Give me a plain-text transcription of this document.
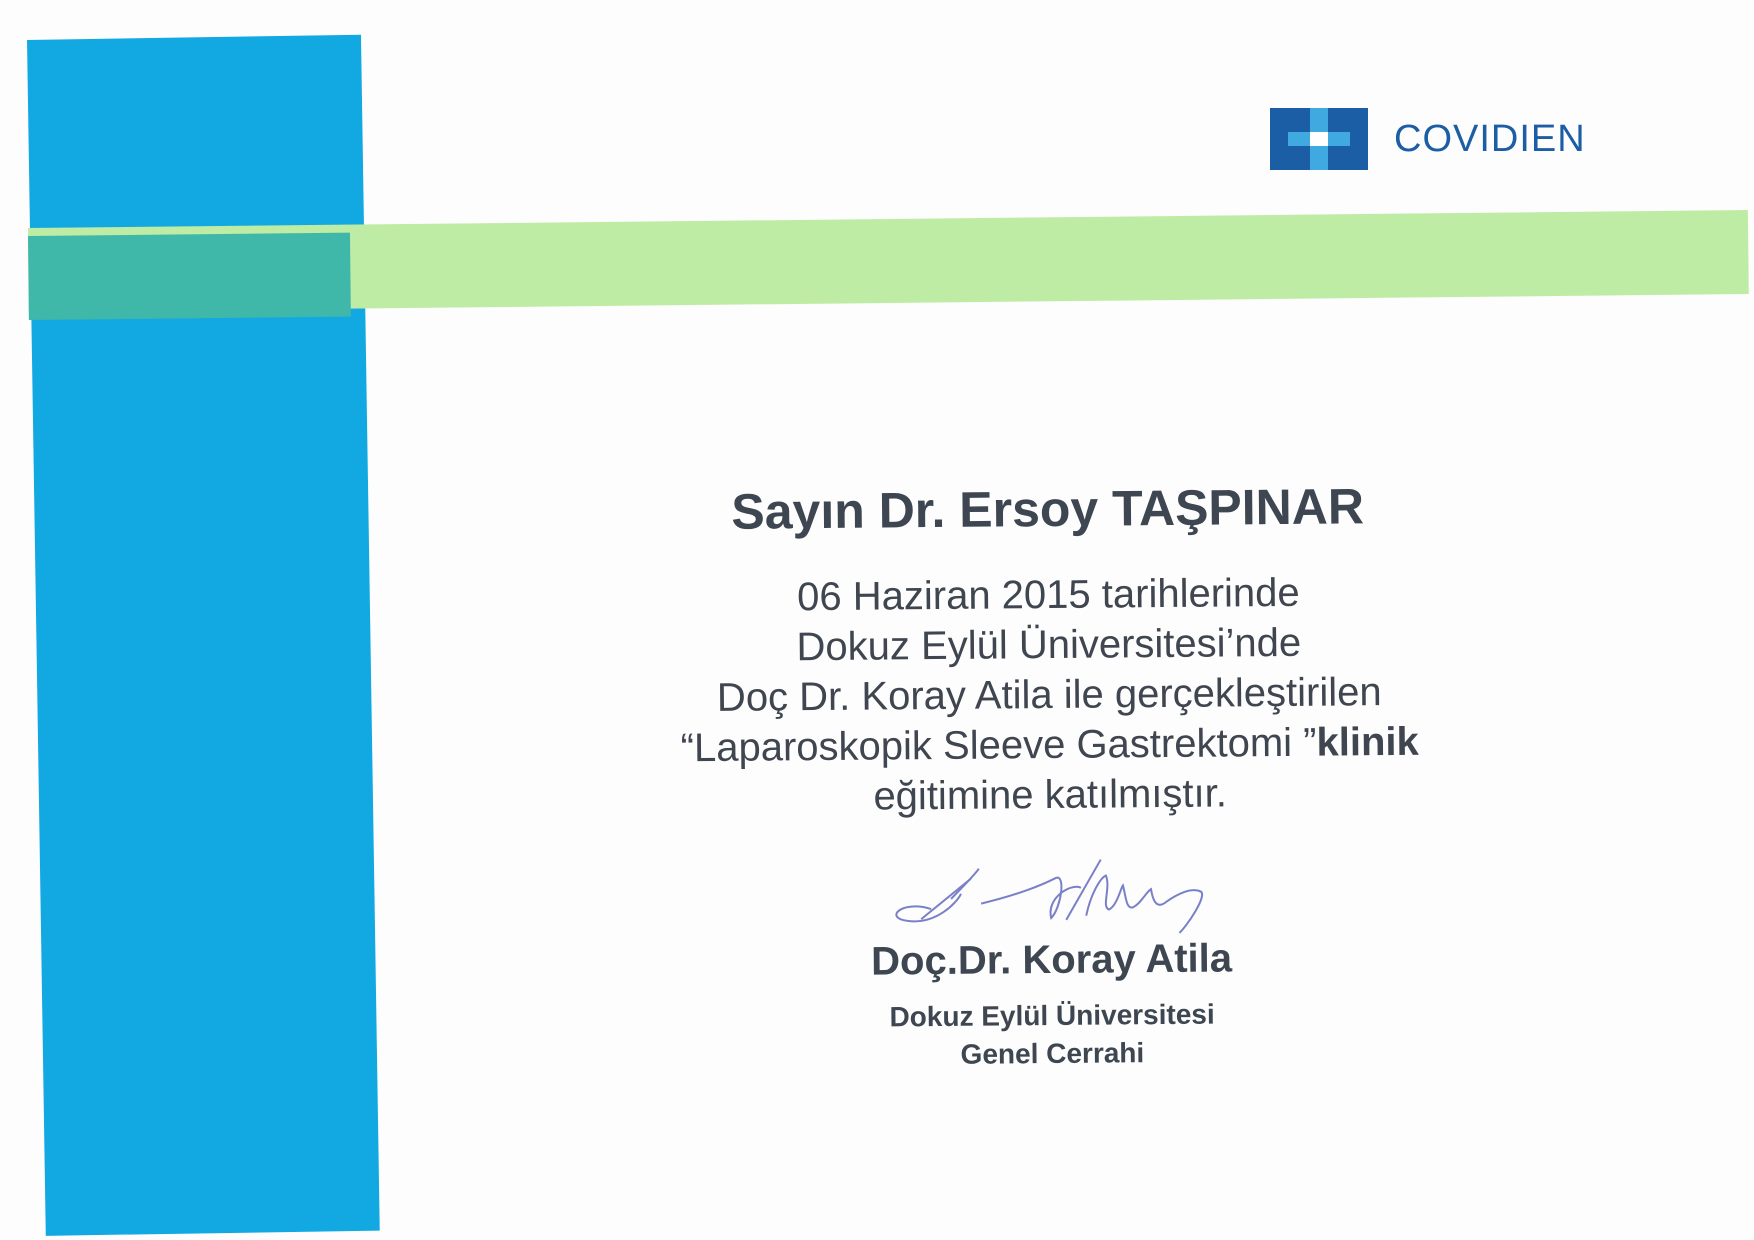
COVIDIEN
Sayın Dr. Ersoy TAŞPINAR
06 Haziran 2015 tarihlerinde
Dokuz Eylül Üniversitesi’nde
Doç Dr. Koray Atila ile gerçekleştirilen
“Laparoskopik Sleeve Gastrektomi ”klinik
eğitimine katılmıştır.
Doç.Dr. Koray Atila
Dokuz Eylül Üniversitesi
Genel Cerrahi
